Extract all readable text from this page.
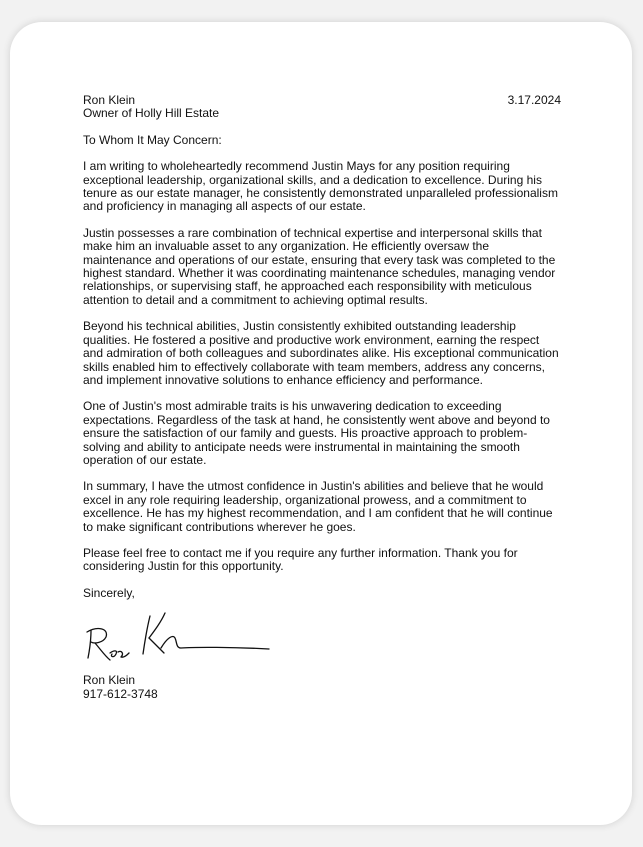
Ron Klein
Owner of Holly Hill Estate
3.17.2024
To Whom It May Concern:
I am writing to wholeheartedly recommend Justin Mays for any position requiring exceptional leadership, organizational skills, and a dedication to excellence. During his tenure as our estate manager, he consistently demonstrated unparalleled professionalism and proficiency in managing all aspects of our estate.
Justin possesses a rare combination of technical expertise and interpersonal skills that make him an invaluable asset to any organization. He efficiently oversaw the maintenance and operations of our estate, ensuring that every task was completed to the highest standard. Whether it was coordinating maintenance schedules, managing vendor relationships, or supervising staff, he approached each responsibility with meticulous attention to detail and a commitment to achieving optimal results.
Beyond his technical abilities, Justin consistently exhibited outstanding leadership qualities. He fostered a positive and productive work environment, earning the respect and admiration of both colleagues and subordinates alike. His exceptional communication skills enabled him to effectively collaborate with team members, address any concerns, and implement innovative solutions to enhance efficiency and performance.
One of Justin's most admirable traits is his unwavering dedication to exceeding expectations. Regardless of the task at hand, he consistently went above and beyond to ensure the satisfaction of our family and guests. His proactive approach to problem-solving and ability to anticipate needs were instrumental in maintaining the smooth operation of our estate.
In summary, I have the utmost confidence in Justin's abilities and believe that he would excel in any role requiring leadership, organizational prowess, and a commitment to excellence. He has my highest recommendation, and I am confident that he will continue to make significant contributions wherever he goes.
Please feel free to contact me if you require any further information. Thank you for considering Justin for this opportunity.
Sincerely,
Ron Klein
917-612-3748
